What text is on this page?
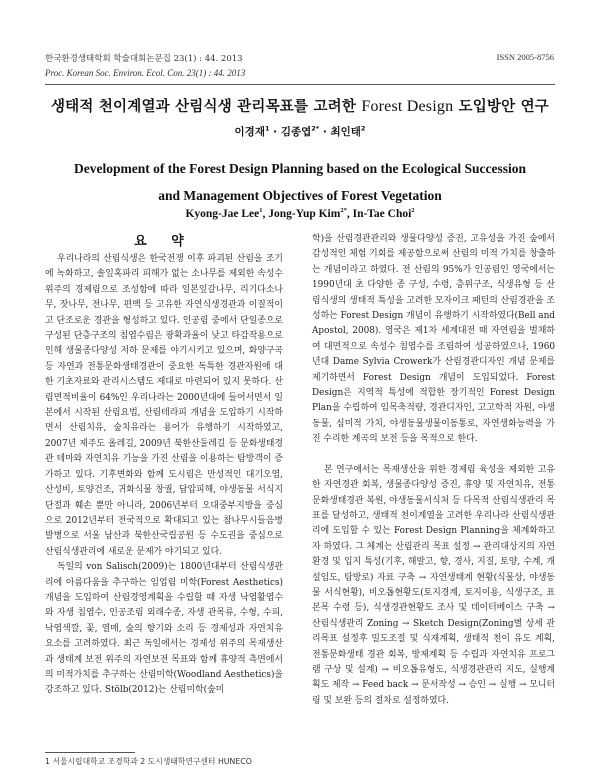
한국환경생태학회 학술대회논문집 23(1) : 44. 2013
Proc. Korean Soc. Environ. Ecol. Con. 23(1) : 44. 2013
ISSN 2005-8756
생태적 천이계열과 산림식생 관리목표를 고려한 Forest Design 도입방안 연구
이경재$^1$ · 김종엽$^{2*}$ · 최인태$^2$
Development of the Forest Design Planning based on the Ecological Succession
and Management Objectives of Forest Vegetation
Kyong-Jae Lee$^1$, Jong-Yup Kim$^{2*}$, In-Tae Choi$^2$
요 약

우리나라의 산림식생은 한국전쟁 이후 파괴된 산림을 조기에 녹화하고, 솔잎혹파리 피해가 없는 소나무를 제외한 속성수 위주의 경제림으로 조성함에 따라 일본잎갈나무, 리기다소나무, 잣나무, 전나무, 편백 등 고유한 자연식생경관과 이질적이고 단조로운 경관을 형성하고 있다. 인공림 중에서 단일종으로 구성된 단층구조의 침엽수림은 광확과율이 낮고 타감작용으로 인해 생물종다양성 저하 문제를 야기시키고 있으며, 화양구곡 등 자연과 전통문화생태경관이 중요한 독특한 경관자원에 대한 기초자료와 관리시스템도 제대로 마련되어 있지 못하다. 산림면적비율이 64%인 우리나라는 2000년대에 들어서면서 일본에서 시작된 산림요법, 산림테라피 개념을 도입하기 시작하면서 산림치유, 숲치유라는 용어가 유행하기 시작하였고, 2007년 제주도 올레길, 2009년 북한산둘레길 등 문화생태경관 테마와 자연치유 기능을 가진 산림을 이용하는 탐방객이 증가하고 있다. 기후변화와 함께 도시림은 만성적인 대기오염, 산성비, 토양건조, 귀화식물 창궐, 답압피해, 야생동물 서식지 단절과 훼손 뿐만 아니라, 2006년부터 오대중부지방을 중심으로 2012년부터 전국적으로 확대되고 있는 참나무시들음병 발병으로 서울 남산과 북한산국립공원 등 수도권을 중심으로 산림식생관리에 새로운 문제가 야기되고 있다.

독일의 von Salisch(2009)는 1800년대부터 산림식생관리에 아름다움을 추구하는 임업림 미학(Forest Aesthetics) 개념을 도입하여 산림경영계획을 수립할 때 자생 낙엽활엽수와 자생 침엽수, 인공조림 외래수종, 자생 관목류, 수형, 수피, 낙엽색깔, 꽃, 열매, 숲의 향기와 소리 등 경제성과 자연치유 요소를 고려하였다. 최근 독일에서는 경제성 위주의 목재생산과 생태계 보전 위주의 자연보전 목표와 함께 휴양적 측면에서의 미적가치를 추구하는 산림미학(Woodland Aesthetics)을 강조하고 있다. Stölb(2012)는 산림미학(숲미

학)을 산림경관관리와 생물다양성 증진, 고유성을 가진 숲에서 감성적인 체험 기회를 제공함으로써 산림의 미적 가치를 창출하는 개념이라고 하였다. 전 산림의 95%가 인공림인 영국에서는 1990년대 초 다양한 종 구성, 수령, 층위구조, 식생유형 등 산림식생의 생태적 특성을 고려한 모자이크 패턴의 산림경관을 조성하는 Forest Design 개념이 유행하기 시작하였다(Bell and Apostol, 2008). 영국은 제1차 세계대전 때 자연림을 벌채하여 대면적으로 속성수 침엽수를 조림하여 성공하였으나, 1960년대 Dame Sylvia Crowerk가 산림경관디자인 개념 문제를 제기하면서 Forest Design 개념이 도입되었다. Forest Design은 지역적 특성에 적합한 장기적인 Forest Design Plan을 수립하여 임목축적량, 경관디자인, 고고학적 자원, 야생동물, 심미적 가치, 야생동물생물이동통로, 자연생화능력을 가진 수리한 계곡의 보전 등을 목적으로 한다.

본 연구에서는 목재생산을 위한 경제림 육성을 제외한 고유한 자연경관 회복, 생물종다양성 증진, 휴양 및 자연치유, 전통문화생태경관 복원, 야생동물서식처 등 다목적 산림식생관리 목표를 달성하고, 생태적 천이계열을 고려한 우리나라 산림식생관리에 도입할 수 있는 Forest Design Planning을 체계화하고자 하였다. 그 체계는 산림관리 목표 설정 → 관리대상지의 자연환경 및 입지 특성(기후, 해발고, 향, 경사, 지질, 토양, 수계, 개설임도, 탐방로) 자료 구축 → 자연생태계 현황(식물상, 야생동물 서식현황), 비오톱현황도(토지경계, 토지이용, 식생구조, 표본목 수령 등), 식생경관현황도 조사 및 데이터베이스 구축 → 산림식생관리 Zoning → Sketch Design(Zoning별 상세 관리목표 설정후 밀도조절 및 식재계획, 생태적 천이 유도 계획, 전통문화생태 경관 회복, 방제계획 등 수립과 자연치유 프로그램 구상 및 설계) → 비오톱유형도, 식생경관관리 지도, 실행계획도 제작 → Feed back → 문서작성 → 승인 → 실행 → 모니터링 및 보완 등의 절차로 설정하였다.

1 서울시립대학교 조경학과 2 도시생태학연구센터 HUNECO
